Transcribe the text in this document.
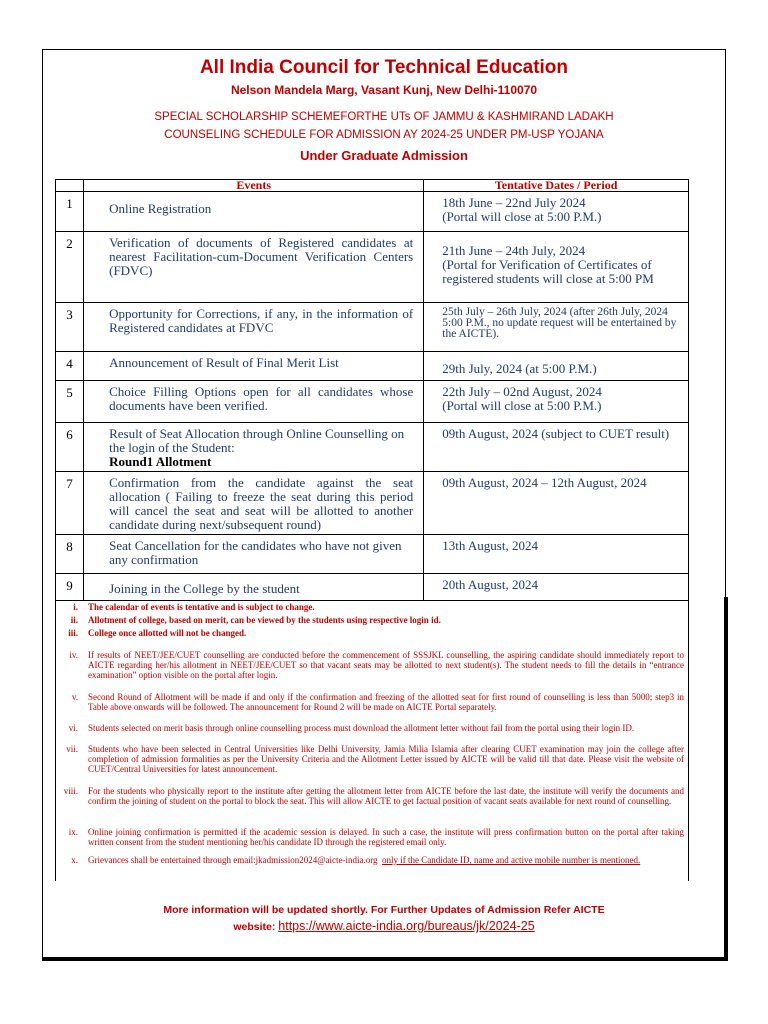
All India Council for Technical Education
Nelson Mandela Marg, Vasant Kunj, New Delhi-110070
SPECIAL SCHOLARSHIP SCHEMEFORTHE UTs OF JAMMU & KASHMIRAND LADAKH
COUNSELING SCHEDULE FOR ADMISSION AY 2024-25 UNDER PM-USP YOJANA
Under Graduate Admission
	Events	Tentative Dates / Period
1	Online Registration	18th June – 22nd July 2024
(Portal will close at 5:00 P.M.)

2	Verification of documents of Registered candidates at nearest Facilitation-cum-Document Verification Centers (FDVC)	21th June – 24th July, 2024
(Portal for Verification of Certificates of registered students will close at 5:00 PM

3	Opportunity for Corrections, if any, in the information of Registered candidates at FDVC	25th July – 26th July, 2024 (after 26th July, 2024 5:00 P.M., no update request will be entertained by the AICTE).

4	Announcement of Result of Final Merit List	29th July, 2024 (at 5:00 P.M.)

5	Choice Filling Options open for all candidates whose documents have been verified.	22th July – 02nd August, 2024
(Portal will close at 5:00 P.M.)

6	Result of Seat Allocation through Online Counselling on the login of the Student:
Round1 Allotment	09th August, 2024 (subject to CUET result)

7	Confirmation from the candidate against the seat allocation ( Failing to freeze the seat during this period will cancel the seat and seat will be allotted to another candidate during next/subsequent round)	09th August, 2024 – 12th August, 2024

8	Seat Cancellation for the candidates who have not given any confirmation	13th August, 2024

9	Joining in the College by the student	20th August, 2024
i. The calendar of events is tentative and is subject to change.
ii. Allotment of college, based on merit, can be viewed by the students using respective login id.
iii. College once allotted will not be changed.
iv. If results of NEET/JEE/CUET counselling are conducted before the commencement of SSSJKL counselling, the aspiring candidate should immediately report to AICTE regarding her/his allotment in NEET/JEE/CUET so that vacant seats may be allotted to next student(s). The student needs to fill the details in “entrance examination” option visible on the portal after login.
v. Second Round of Allotment will be made if and only if the confirmation and freezing of the allotted seat for first round of counselling is less than 5000; step3 in Table above onwards will be followed. The announcement for Round 2 will be made on AICTE Portal separately.
vi. Students selected on merit basis through online counselling process must download the allotment letter without fail from the portal using their login ID.
vii. Students who have been selected in Central Universities like Delhi University, Jamia Milia Islamia after clearing CUET examination may join the college after completion of admission formalities as per the University Criteria and the Allotment Letter issued by AICTE will be valid till that date. Please visit the website of CUET/Central Universities for latest announcement.
viii. For the students who physically report to the institute after getting the allotment letter from AICTE before the last date, the institute will verify the documents and confirm the joining of student on the portal to block the seat. This will allow AICTE to get factual position of vacant seats available for next round of counselling.
ix. Online joining confirmation is permitted if the academic session is delayed. In such a case, the institute will press confirmation button on the portal after taking written consent from the student mentioning her/his candidate ID through the registered email only.
x. Grievances shall be entertained through email:jkadmission2024@aicte-india.org only if the Candidate ID, name and active mobile number is mentioned.
More information will be updated shortly. For Further Updates of Admission Refer AICTE
website: https://www.aicte-india.org/bureaus/jk/2024-25
